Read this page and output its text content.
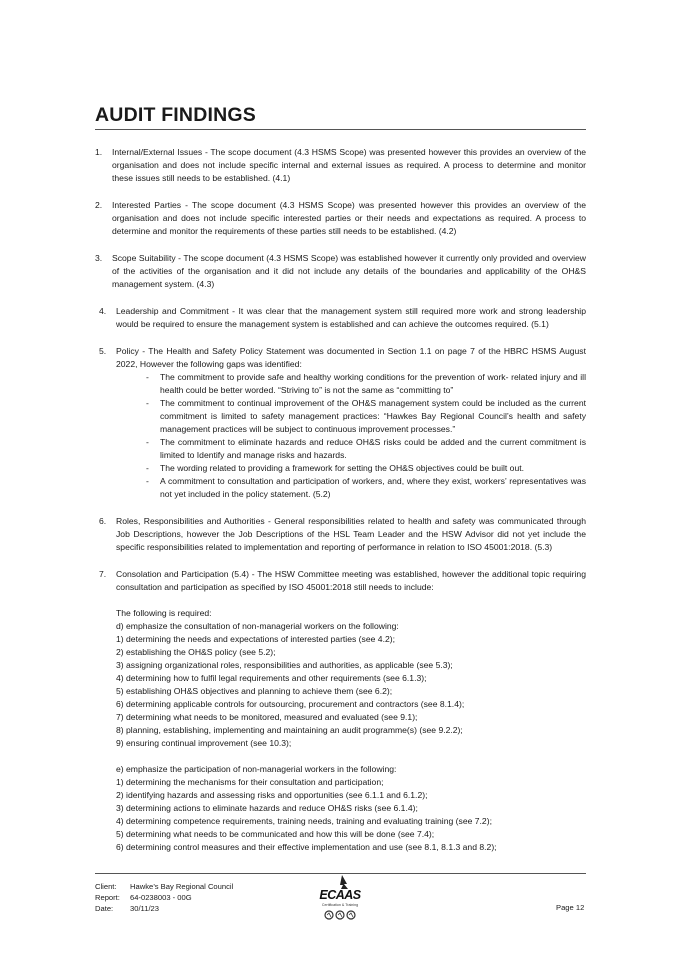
AUDIT FINDINGS
1. Internal/External Issues - The scope document (4.3 HSMS Scope) was presented however this provides an overview of the organisation and does not include specific internal and external issues as required. A process to determine and monitor these issues still needs to be established. (4.1)
2. Interested Parties - The scope document (4.3 HSMS Scope) was presented however this provides an overview of the organisation and does not include specific interested parties or their needs and expectations as required. A process to determine and monitor the requirements of these parties still needs to be established. (4.2)
3. Scope Suitability - The scope document (4.3 HSMS Scope) was established however it currently only provided and overview of the activities of the organisation and it did not include any details of the boundaries and applicability of the OH&S management system. (4.3)
4. Leadership and Commitment - It was clear that the management system still required more work and strong leadership would be required to ensure the management system is established and can achieve the outcomes required. (5.1)
5. Policy - The Health and Safety Policy Statement was documented in Section 1.1 on page 7 of the HBRC HSMS August 2022, However the following gaps was identified:
- The commitment to provide safe and healthy working conditions for the prevention of work- related injury and ill health could be better worded. “Striving to” is not the same as “committing to”
- The commitment to continual improvement of the OH&S management system could be included as the current commitment is limited to safety management practices: “Hawkes Bay Regional Council’s health and safety management practices will be subject to continuous improvement processes.”
- The commitment to eliminate hazards and reduce OH&S risks could be added and the current commitment is limited to Identify and manage risks and hazards.
- The wording related to providing a framework for setting the OH&S objectives could be built out.
- A commitment to consultation and participation of workers, and, where they exist, workers’ representatives was not yet included in the policy statement. (5.2)
6. Roles, Responsibilities and Authorities - General responsibilities related to health and safety was communicated through Job Descriptions, however the Job Descriptions of the HSL Team Leader and the HSW Advisor did not yet include the specific responsibilities related to implementation and reporting of performance in relation to ISO 45001:2018. (5.3)
7. Consolation and Participation (5.4) - The HSW Committee meeting was established, however the additional topic requiring consultation and participation as specified by ISO 45001:2018 still needs to include:
The following is required:
d) emphasize the consultation of non-managerial workers on the following:
1) determining the needs and expectations of interested parties (see 4.2);
2) establishing the OH&S policy (see 5.2);
3) assigning organizational roles, responsibilities and authorities, as applicable (see 5.3);
4) determining how to fulfil legal requirements and other requirements (see 6.1.3);
5) establishing OH&S objectives and planning to achieve them (see 6.2);
6) determining applicable controls for outsourcing, procurement and contractors (see 8.1.4);
7) determining what needs to be monitored, measured and evaluated (see 9.1);
8) planning, establishing, implementing and maintaining an audit programme(s) (see 9.2.2);
9) ensuring continual improvement (see 10.3);
e) emphasize the participation of non-managerial workers in the following:
1) determining the mechanisms for their consultation and participation;
2) identifying hazards and assessing risks and opportunities (see 6.1.1 and 6.1.2);
3) determining actions to eliminate hazards and reduce OH&S risks (see 6.1.4);
4) determining competence requirements, training needs, training and evaluating training (see 7.2);
5) determining what needs to be communicated and how this will be done (see 7.4);
6) determining control measures and their effective implementation and use (see 8.1, 8.1.3 and 8.2);
Client: Hawke’s Bay Regional Council
Report: 64-0238003 - 00G
Date: 30/11/23
ECAAS
Certification & Training	Page 12
